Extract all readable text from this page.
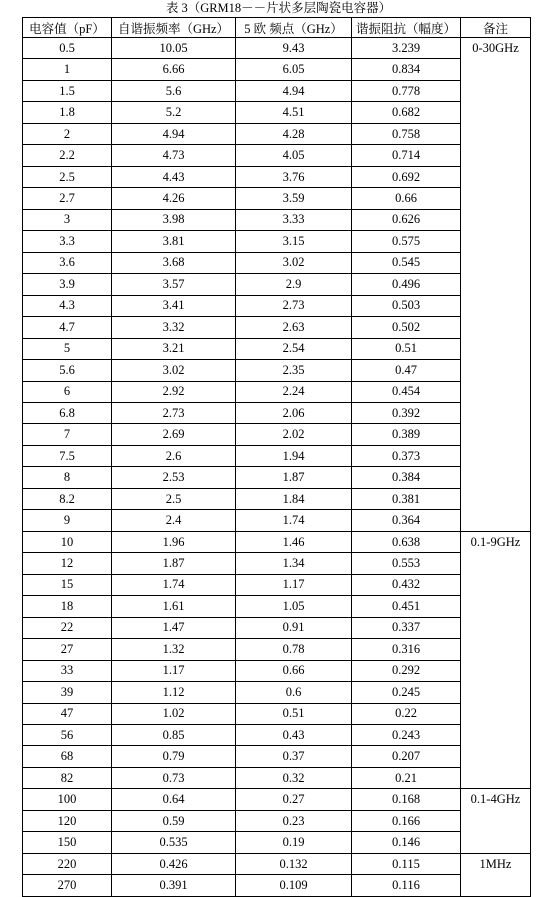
表 3（GRM18－－片状多层陶瓷电容器）
电容值（pF）	自谐振频率（GHz）	5 欧 频点（GHz）	谐振阻抗（幅度）	备注
0.5	10.05	9.43	3.239	0-30GHz
1	6.66	6.05	0.834	
1.5	5.6	4.94	0.778	
1.8	5.2	4.51	0.682	
2	4.94	4.28	0.758	
2.2	4.73	4.05	0.714	
2.5	4.43	3.76	0.692	
2.7	4.26	3.59	0.66	
3	3.98	3.33	0.626	
3.3	3.81	3.15	0.575	
3.6	3.68	3.02	0.545	
3.9	3.57	2.9	0.496	
4.3	3.41	2.73	0.503	
4.7	3.32	2.63	0.502	
5	3.21	2.54	0.51	
5.6	3.02	2.35	0.47	
6	2.92	2.24	0.454	
6.8	2.73	2.06	0.392	
7	2.69	2.02	0.389	
7.5	2.6	1.94	0.373	
8	2.53	1.87	0.384	
8.2	2.5	1.84	0.381	
9	2.4	1.74	0.364	
10	1.96	1.46	0.638	0.1-9GHz
12	1.87	1.34	0.553	
15	1.74	1.17	0.432	
18	1.61	1.05	0.451	
22	1.47	0.91	0.337	
27	1.32	0.78	0.316	
33	1.17	0.66	0.292	
39	1.12	0.6	0.245	
47	1.02	0.51	0.22	
56	0.85	0.43	0.243	
68	0.79	0.37	0.207	
82	0.73	0.32	0.21	
100	0.64	0.27	0.168	0.1-4GHz
120	0.59	0.23	0.166	
150	0.535	0.19	0.146	
220	0.426	0.132	0.115	1MHz
270	0.391	0.109	0.116	
